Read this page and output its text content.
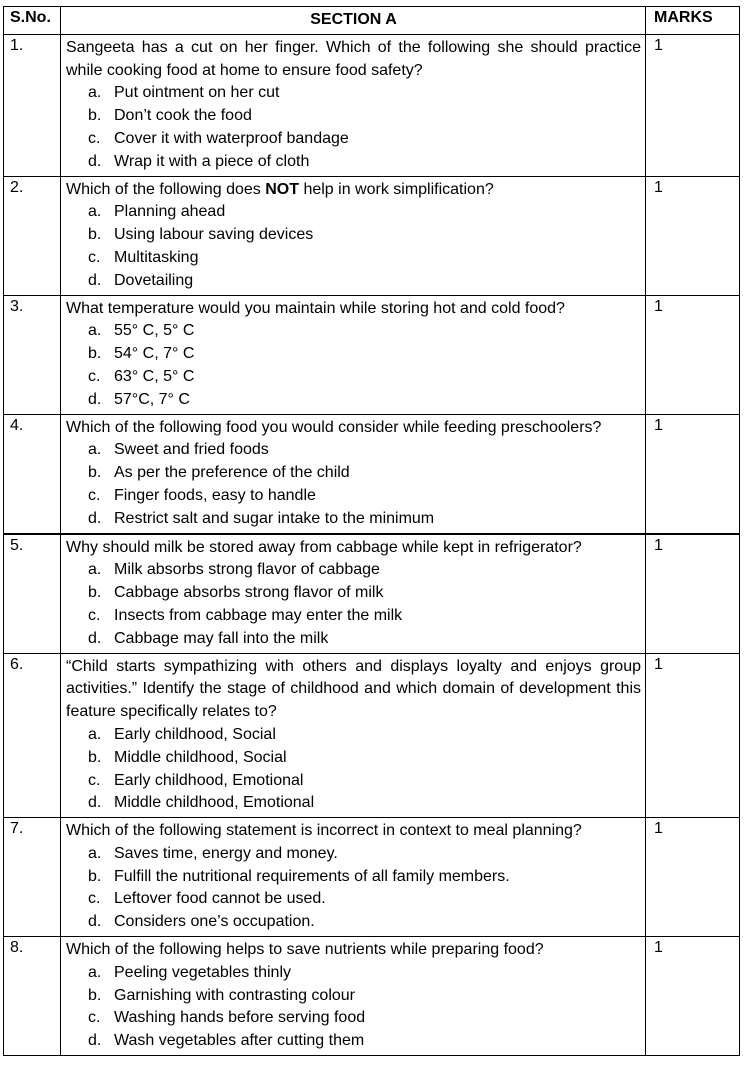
S.No.	SECTION A	MARKS
1.	Sangeeta has a cut on her finger. Which of the following she should practice while cooking food at home to ensure food safety?
a. Put ointment on her cut
b. Don’t cook the food
c. Cover it with waterproof bandage
d. Wrap it with a piece of cloth
1
2.	Which of the following does NOT help in work simplification?
a. Planning ahead
b. Using labour saving devices
c. Multitasking
d. Dovetailing
1
3.	What temperature would you maintain while storing hot and cold food?
a. 55° C, 5° C
b. 54° C, 7° C
c. 63° C, 5° C
d. 57°C, 7° C
1
4.	Which of the following food you would consider while feeding preschoolers?
a. Sweet and fried foods
b. As per the preference of the child
c. Finger foods, easy to handle
d. Restrict salt and sugar intake to the minimum
1
5.	Why should milk be stored away from cabbage while kept in refrigerator?
a. Milk absorbs strong flavor of cabbage
b. Cabbage absorbs strong flavor of milk
c. Insects from cabbage may enter the milk
d. Cabbage may fall into the milk
1
6.	“Child starts sympathizing with others and displays loyalty and enjoys group activities.” Identify the stage of childhood and which domain of development this feature specifically relates to?
a. Early childhood, Social
b. Middle childhood, Social
c. Early childhood, Emotional
d. Middle childhood, Emotional
1
7.	Which of the following statement is incorrect in context to meal planning?
a. Saves time, energy and money.
b. Fulfill the nutritional requirements of all family members.
c. Leftover food cannot be used.
d. Considers one’s occupation.
1
8.	Which of the following helps to save nutrients while preparing food?
a. Peeling vegetables thinly
b. Garnishing with contrasting colour
c. Washing hands before serving food
d. Wash vegetables after cutting them
1
